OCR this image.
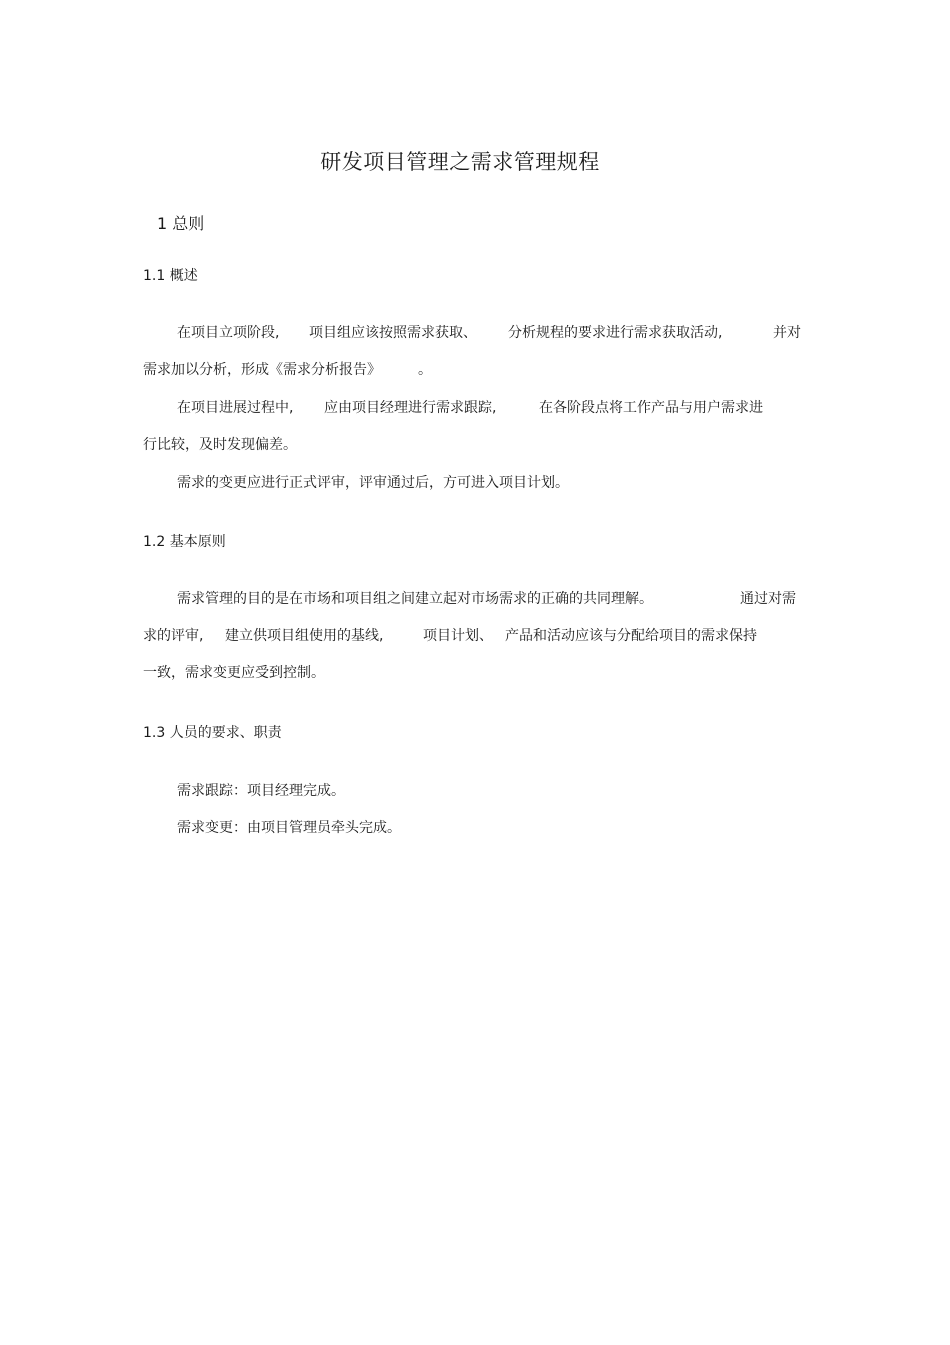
研发项目管理之需求管理规程
1 总则
1.1 概述

在项目立项阶段,

项目组应该按照需求获取、

分析规程的要求进行需求获取活动,

	并对

需求加以分析，形成《需求分析报告》

	。

在项目进展过程中,

应由项目经理进行需求跟踪,

	在各阶段点将工作产品与用户需求进

行比较，及时发现偏差。
需求的变更应进行正式评审，评审通过后，方可进入项目计划。
1.2 基本原则

需求管理的目的是在市场和项目组之间建立起对市场需求的正确的共同理解。

	通过对需

求的评审,

建立供项目组使用的基线,

	项目计划、

产品和活动应该与分配给项目的需求保持

一致，需求变更应受到控制。
1.3 人员的要求、职责
需求跟踪：项目经理完成。
需求变更：由项目管理员牵头完成。
